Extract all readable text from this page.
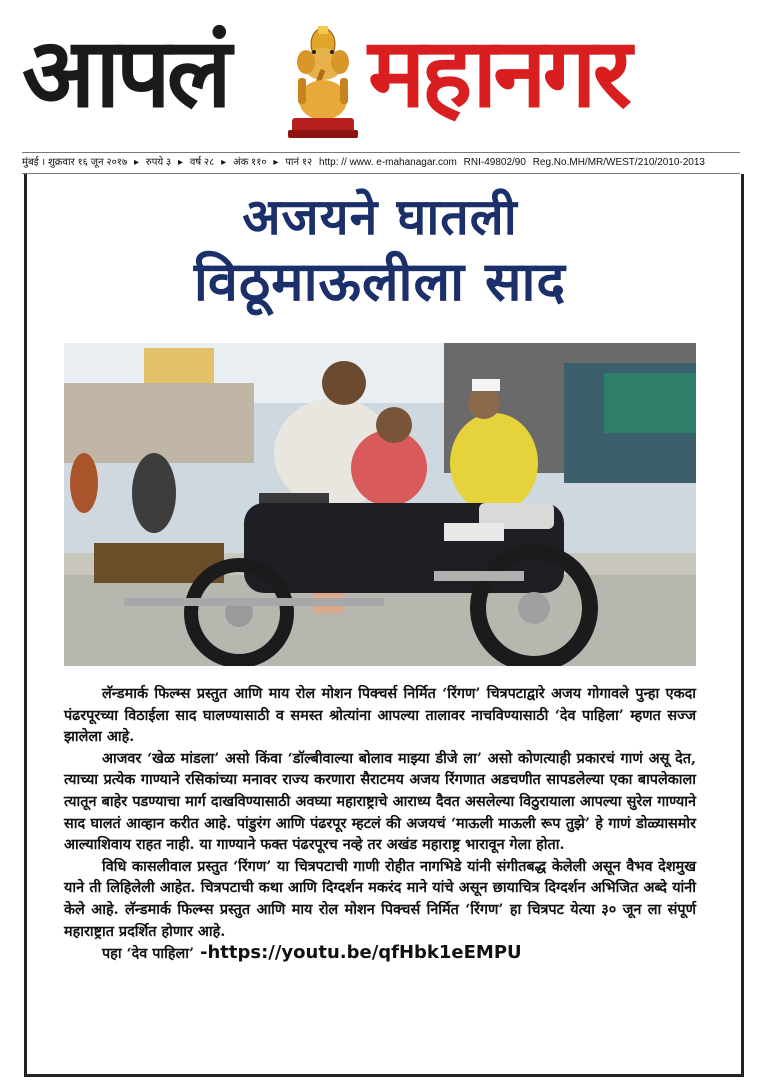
आपलं महानगर
मुंबई । शुक्रवार १६ जून २०१७ ▸ रुपये ३ ▸ वर्ष २८ ▸ अंक ११० ▸ पानं १२ http: // www. e-mahanagar.com RNI-49802/90 Reg.No.MH/MR/WEST/210/2010-2013
अजयने घातली
विठूमाऊलीला साद

लॅन्डमार्क फिल्म्स प्रस्तुत आणि माय रोल मोशन पिक्चर्स निर्मित ‘रिंगण’ चित्रपटाद्वारे अजय गोगावले पुन्हा एकदा पंढरपूरच्या विठाईला साद घालण्यासाठी व समस्त श्रोत्यांना आपल्या तालावर नाचविण्यासाठी ‘देव पाहिला’ म्हणत सज्ज झालेला आहे.

आजवर ‘खेळ मांडला’ असो किंवा ‘डॉल्बीवाल्या बोलाव माझ्या डीजे ला’ असो कोणत्याही प्रकारचं गाणं असू देत, त्याच्या प्रत्येक गाण्याने रसिकांच्या मनावर राज्य करणारा सैराटमय अजय रिंगणात अडचणीत सापडलेल्या एका बापलेकाला त्यातून बाहेर पडण्याचा मार्ग दाखविण्यासाठी अवघ्या महाराष्ट्राचे आराध्य दैवत असलेल्या विठुरायाला आपल्या सुरेल गाण्याने साद घालतं आव्हान करीत आहे. पांडुरंग आणि पंढरपूर म्हटलं की अजयचं ‘माऊली माऊली रूप तुझे’ हे गाणं डोळ्यासमोर आल्याशिवाय राहत नाही. या गाण्याने फक्त पंढरपूरच नव्हे तर अखंड महाराष्ट्र भारावून गेला होता.

विधि कासलीवाल प्रस्तुत ‘रिंगण’ या चित्रपटाची गाणी रोहीत नागभिडे यांनी संगीतबद्ध केलेली असून वैभव देशमुख याने ती लिहिलेली आहेत. चित्रपटाची कथा आणि दिग्दर्शन मकरंद माने यांचे असून छायाचित्र दिग्दर्शन अभिजित अब्दे यांनी केले आहे. लॅन्डमार्क फिल्म्स प्रस्तुत आणि माय रोल मोशन पिक्चर्स निर्मित ‘रिंगण’ हा चित्रपट येत्या ३० जून ला संपूर्ण महाराष्ट्रात प्रदर्शित होणार आहे.

पहा ‘देव पाहिला’ -https://youtu.be/qfHbk1eEMPU
